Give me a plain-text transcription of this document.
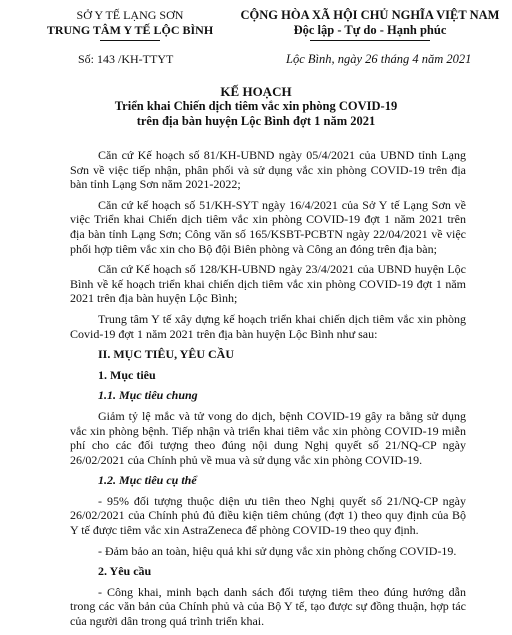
SỞ Y TẾ LẠNG SƠN
TRUNG TÂM Y TẾ LỘC BÌNH
CỘNG HÒA XÃ HỘI CHỦ NGHĨA VIỆT NAM
Độc lập - Tự do - Hạnh phúc
Số: 143 /KH-TTYT	Lộc Bình, ngày 26 tháng 4 năm 2021
KẾ HOẠCH
Triển khai Chiến dịch tiêm vắc xin phòng COVID-19
trên địa bàn huyện Lộc Bình đợt 1 năm 2021

Căn cứ Kế hoạch số 81/KH-UBND ngày 05/4/2021 của UBND tỉnh Lạng Sơn về việc tiếp nhận, phân phối và sử dụng vắc xin phòng COVID-19 trên địa bàn tỉnh Lạng Sơn năm 2021-2022;

Căn cứ kế hoạch số 51/KH-SYT ngày 16/4/2021 của Sở Y tế Lạng Sơn về việc Triển khai Chiến dịch tiêm vắc xin phòng COVID-19 đợt 1 năm 2021 trên địa bàn tỉnh Lạng Sơn; Công văn số 165/KSBT-PCBTN ngày 22/04/2021 về việc phối hợp tiêm vắc xin cho Bộ đội Biên phòng và Công an đóng trên địa bàn;

Căn cứ Kế hoạch số 128/KH-UBND ngày 23/4/2021 của UBND huyện Lộc Bình về kế hoạch triển khai chiến dịch tiêm vắc xin phòng COVID-19 đợt 1 năm 2021 trên địa bàn huyện Lộc Bình;

Trung tâm Y tế xây dựng kế hoạch triển khai chiến dịch tiêm vắc xin phòng Covid-19 đợt 1 năm 2021 trên địa bàn huyện Lộc Bình như sau:

II. MỤC TIÊU, YÊU CẦU
1. Mục tiêu
1.1. Mục tiêu chung

Giảm tỷ lệ mắc và tử vong do dịch, bệnh COVID-19 gây ra bằng sử dụng vắc xin phòng bệnh. Tiếp nhận và triển khai tiêm vắc xin phòng COVID-19 miễn phí cho các đối tượng theo đúng nội dung Nghị quyết số 21/NQ-CP ngày 26/02/2021 của Chính phủ về mua và sử dụng vắc xin phòng COVID-19.

1.2. Mục tiêu cụ thể

- 95% đối tượng thuộc diện ưu tiên theo Nghị quyết số 21/NQ-CP ngày 26/02/2021 của Chính phủ đủ điều kiện tiêm chủng (đợt 1) theo quy định của Bộ Y tế được tiêm vắc xin AstraZeneca để phòng COVID-19 theo quy định.

- Đảm bảo an toàn, hiệu quả khi sử dụng vắc xin phòng chống COVID-19.

2. Yêu cầu

- Công khai, minh bạch danh sách đối tượng tiêm theo đúng hướng dẫn trong các văn bản của Chính phủ và của Bộ Y tế, tạo được sự đồng thuận, hợp tác của người dân trong quá trình triển khai.
